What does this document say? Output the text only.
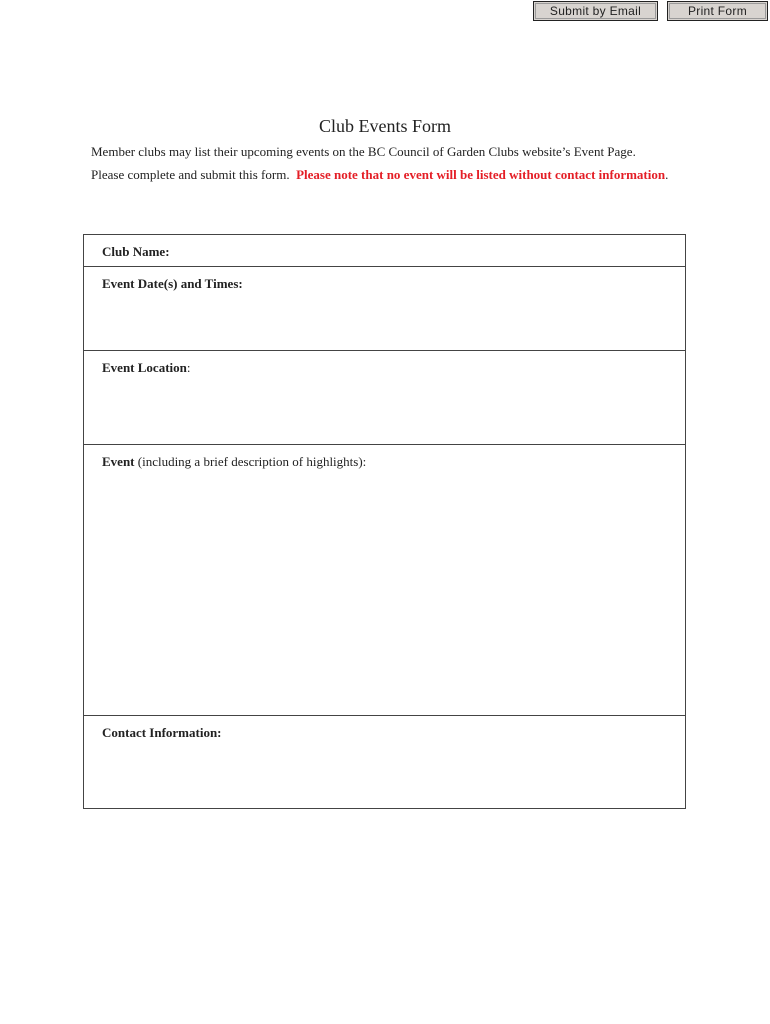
Submit by Email	Print Form
Club Events Form
Member clubs may list their upcoming events on the BC Council of Garden Clubs website’s Event Page.
Please complete and submit this form. Please note that no event will be listed without contact information.
Club Name:
Event Date(s) and Times:
Event Location:
Event (including a brief description of highlights):
Contact Information:
